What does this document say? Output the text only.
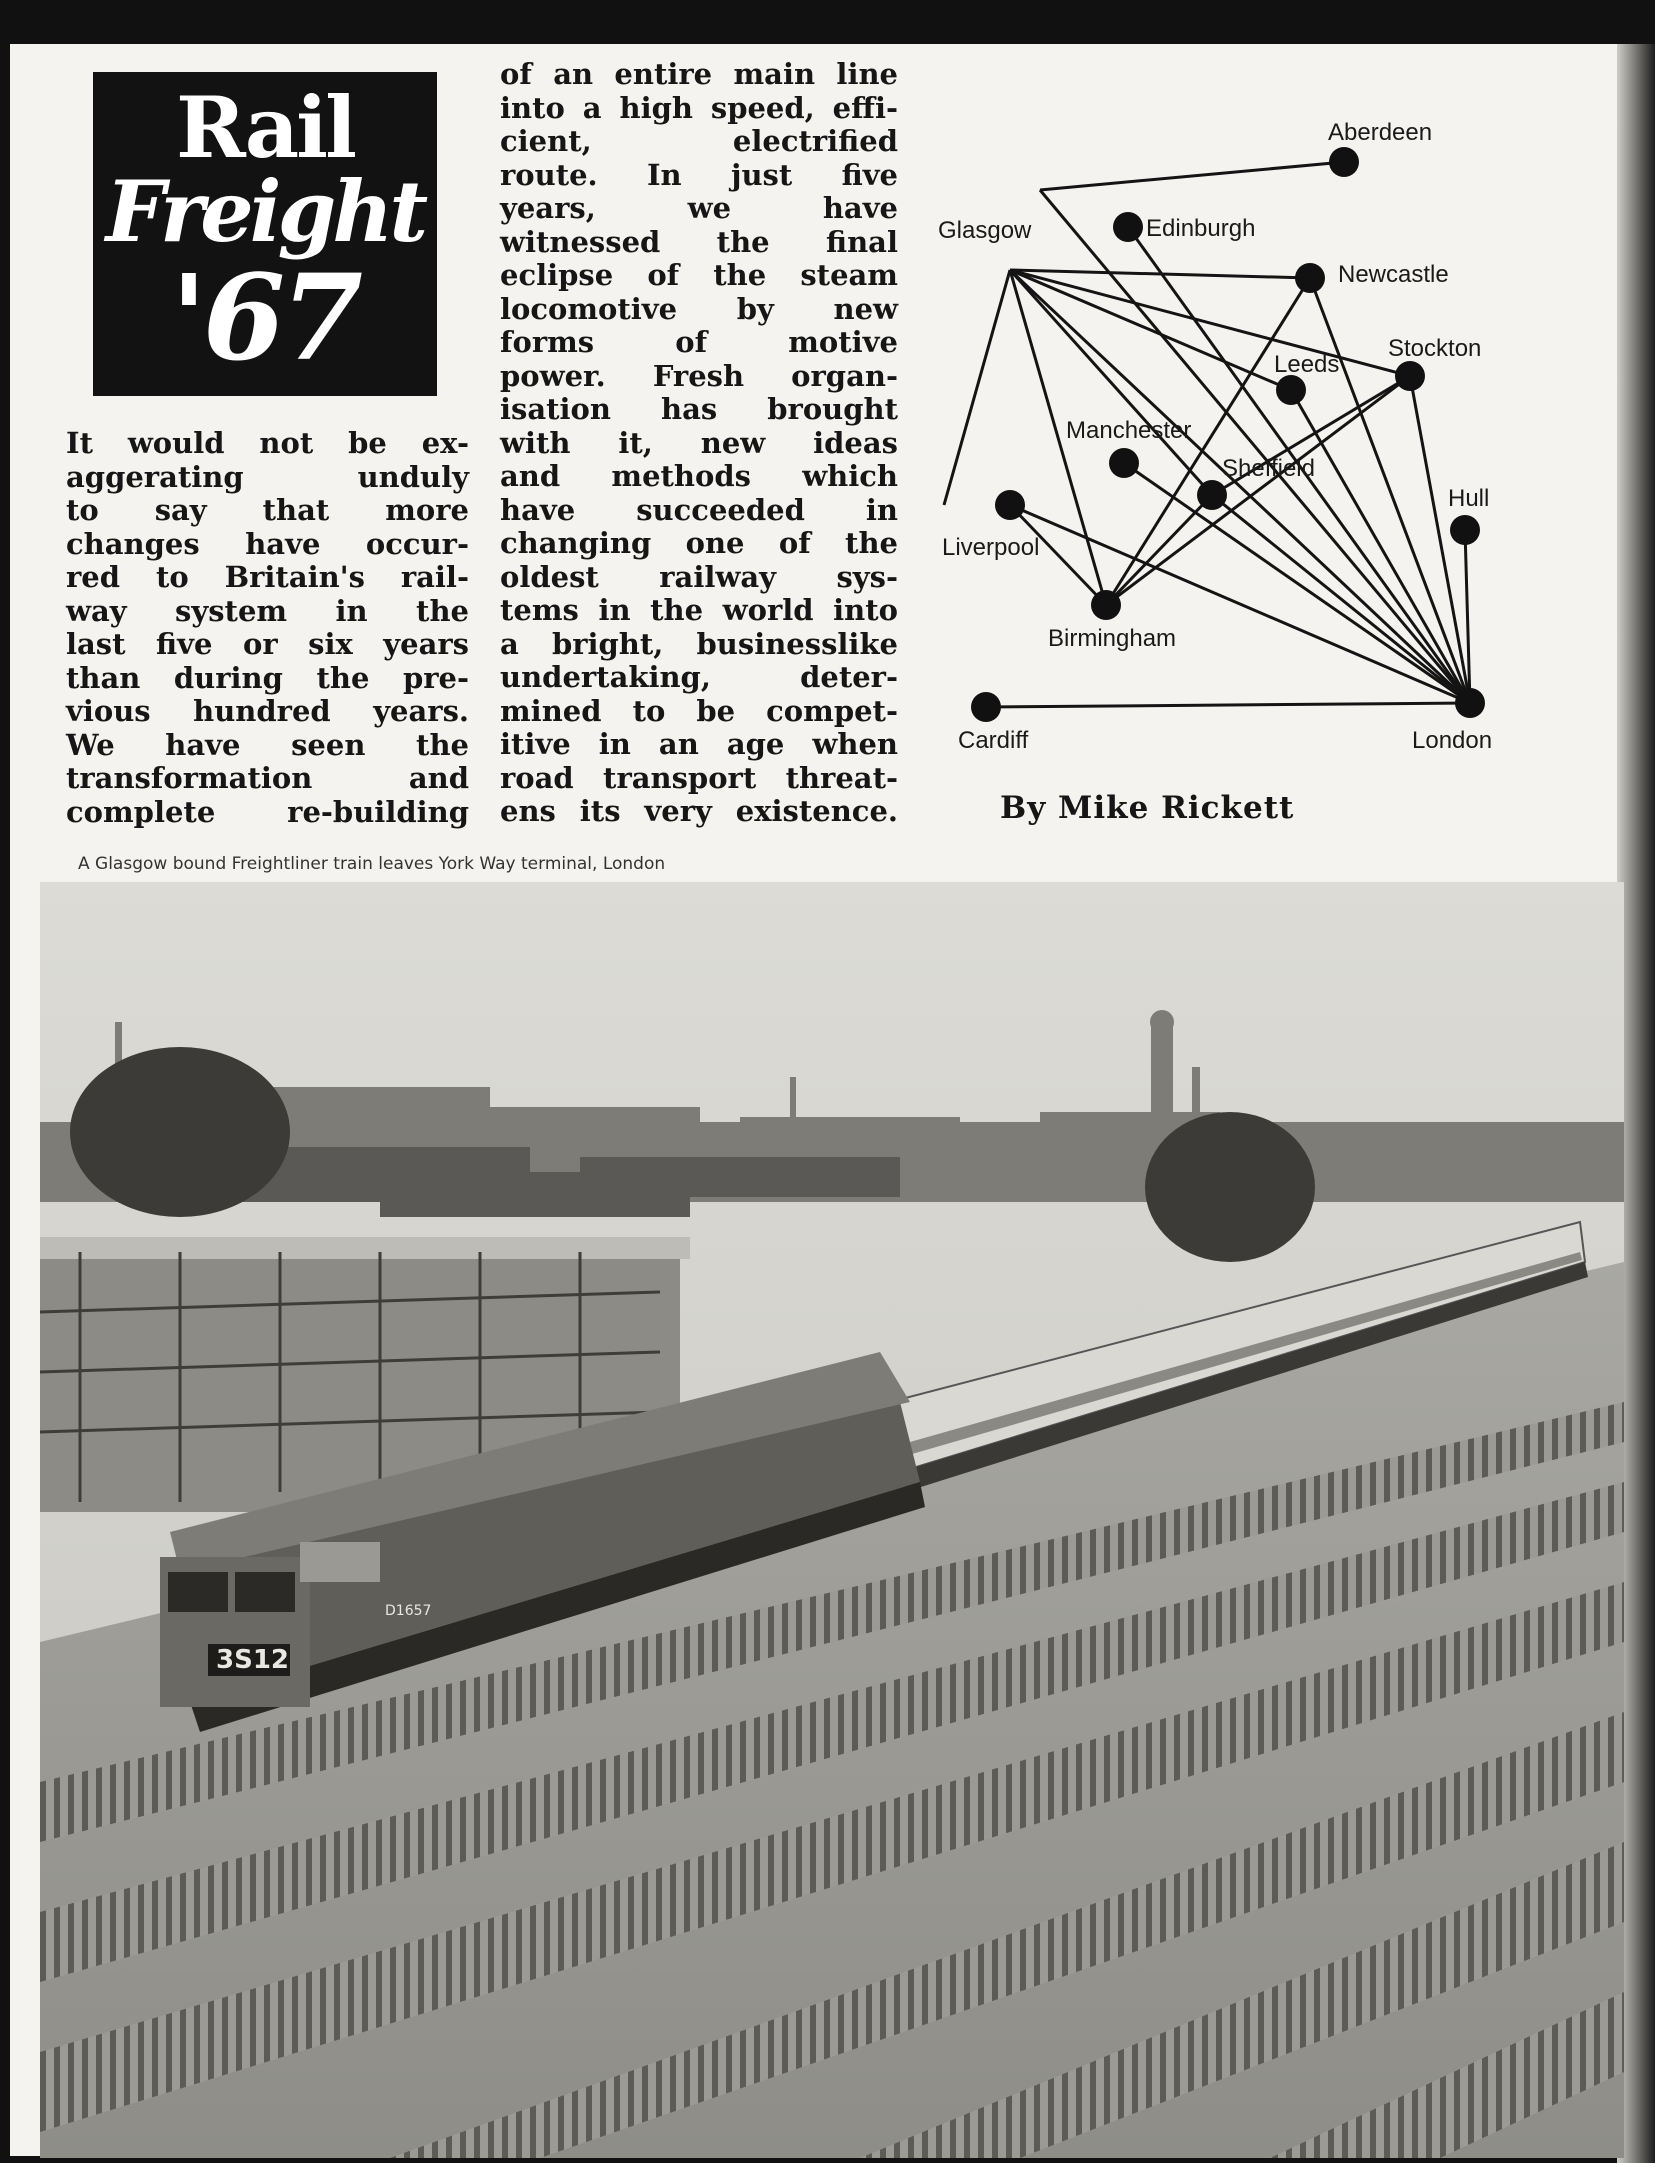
Rail
Freight
'67
It would not be ex-
aggerating unduly
to say that more
changes have occur-
red to Britain's rail-
way system in the
last five or six years
than during the pre-
vious hundred years.
We have seen the
transformation and
complete re-building
of an entire main line
into a high speed, effi-
cient, electrified
route. In just five
years, we have
witnessed the final
eclipse of the steam
locomotive by new
forms of motive
power. Fresh organ-
isation has brought
with it, new ideas
and methods which
have succeeded in
changing one of the
oldest railway sys-
tems in the world into
a bright, businesslike
undertaking, deter-
mined to be compet-
itive in an age when
road transport threat-
ens its very existence.
Aberdeen
Glasgow	Edinburgh
Newcastle
Stockton
Leeds
Manchester
Sheffield
Hull
Liverpool
Birmingham
Cardiff	London
By Mike Rickett
A Glasgow bound Freightliner train leaves York Way terminal, London
3S12
D1657
